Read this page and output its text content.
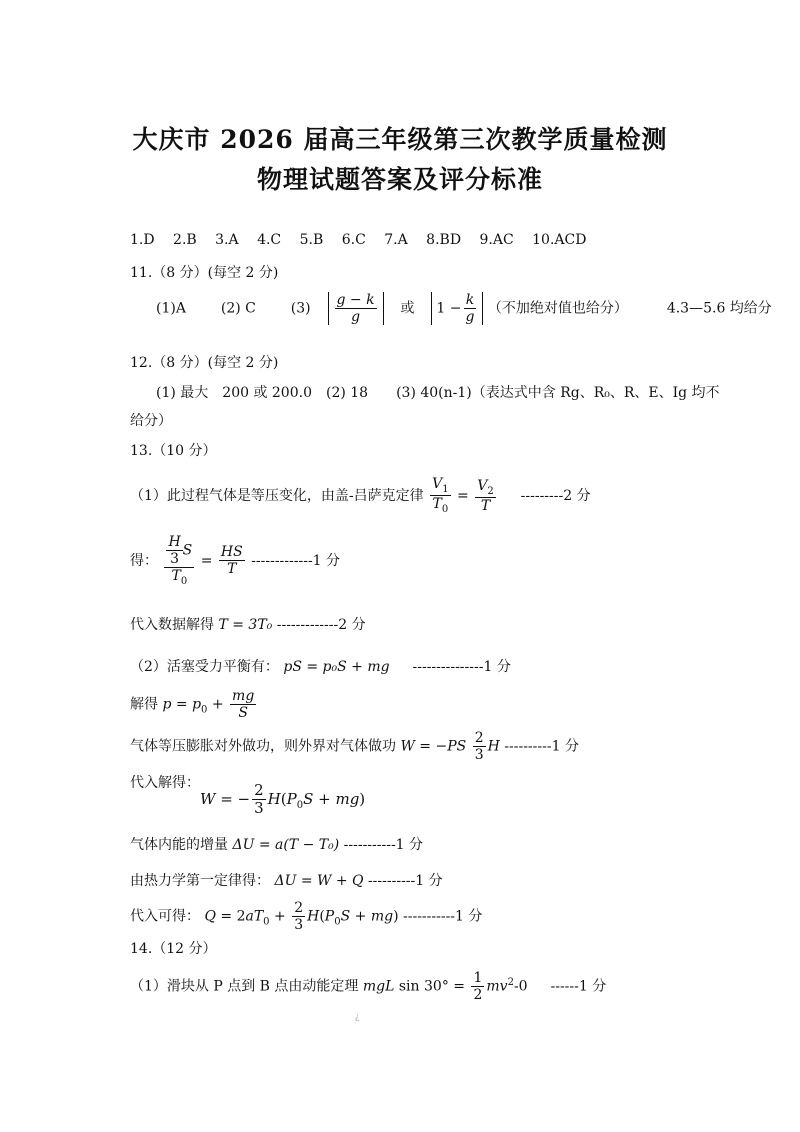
大庆市 2026 届高三年级第三次教学质量检测
物理试题答案及评分标准
1.D 2.B 3.A 4.C 5.B 6.C 7.A 8.BD 9.AC 10.ACD
11.（8 分）(每空 2 分)
(1)A (2) C $(3) \frac{g - k}{g}$ 或  $1 - \frac{k}{g}$ （不加绝对值也给分）	4.3—5.6 均给分
12.（8 分）(每空 2 分)
(1) 最大　200 或 200.0　(2) 18　　(3) 40(n-1)（表达式中含 Rg、R₀、R、E、Ig 均不
给分）
13.（10 分）
（1）此过程气体是等压变化，由盖-吕萨克定律 $\frac{V_1}{T_0} = \frac{V_2}{T} ---------2$ 分
得： $\frac{\frac{H}{3} S}{T_0} = \frac{HS}{T} -------------1$ 分
代入数据解得 T = 3T₀ -------------2 分
（2）活塞受力平衡有： pS = p₀S + mg ---------------1 分
解得 $p = p_0 + \frac{mg}{S}$
气体等压膨胀对外做功，则外界对气体做功 $W = -PS \frac{2}{3}$ H ----------1 分
代入解得：
W = − $\frac{2}{3} H(P_0S + mg)$
气体内能的增量 ΔU = a(T − T₀) -----------1 分
由热力学第一定律得： ΔU = W + Q ----------1 分
代入可得： $Q = 2aT_0 + \frac{2}{3} H(P_0S + mg)$ -----------1 分
14.（12 分）
（1）滑块从 P 点到 B 点由动能定理 mgL $\sin 30^\circ = \frac{1}{2} mv^2-0$  ------1 分
¿
